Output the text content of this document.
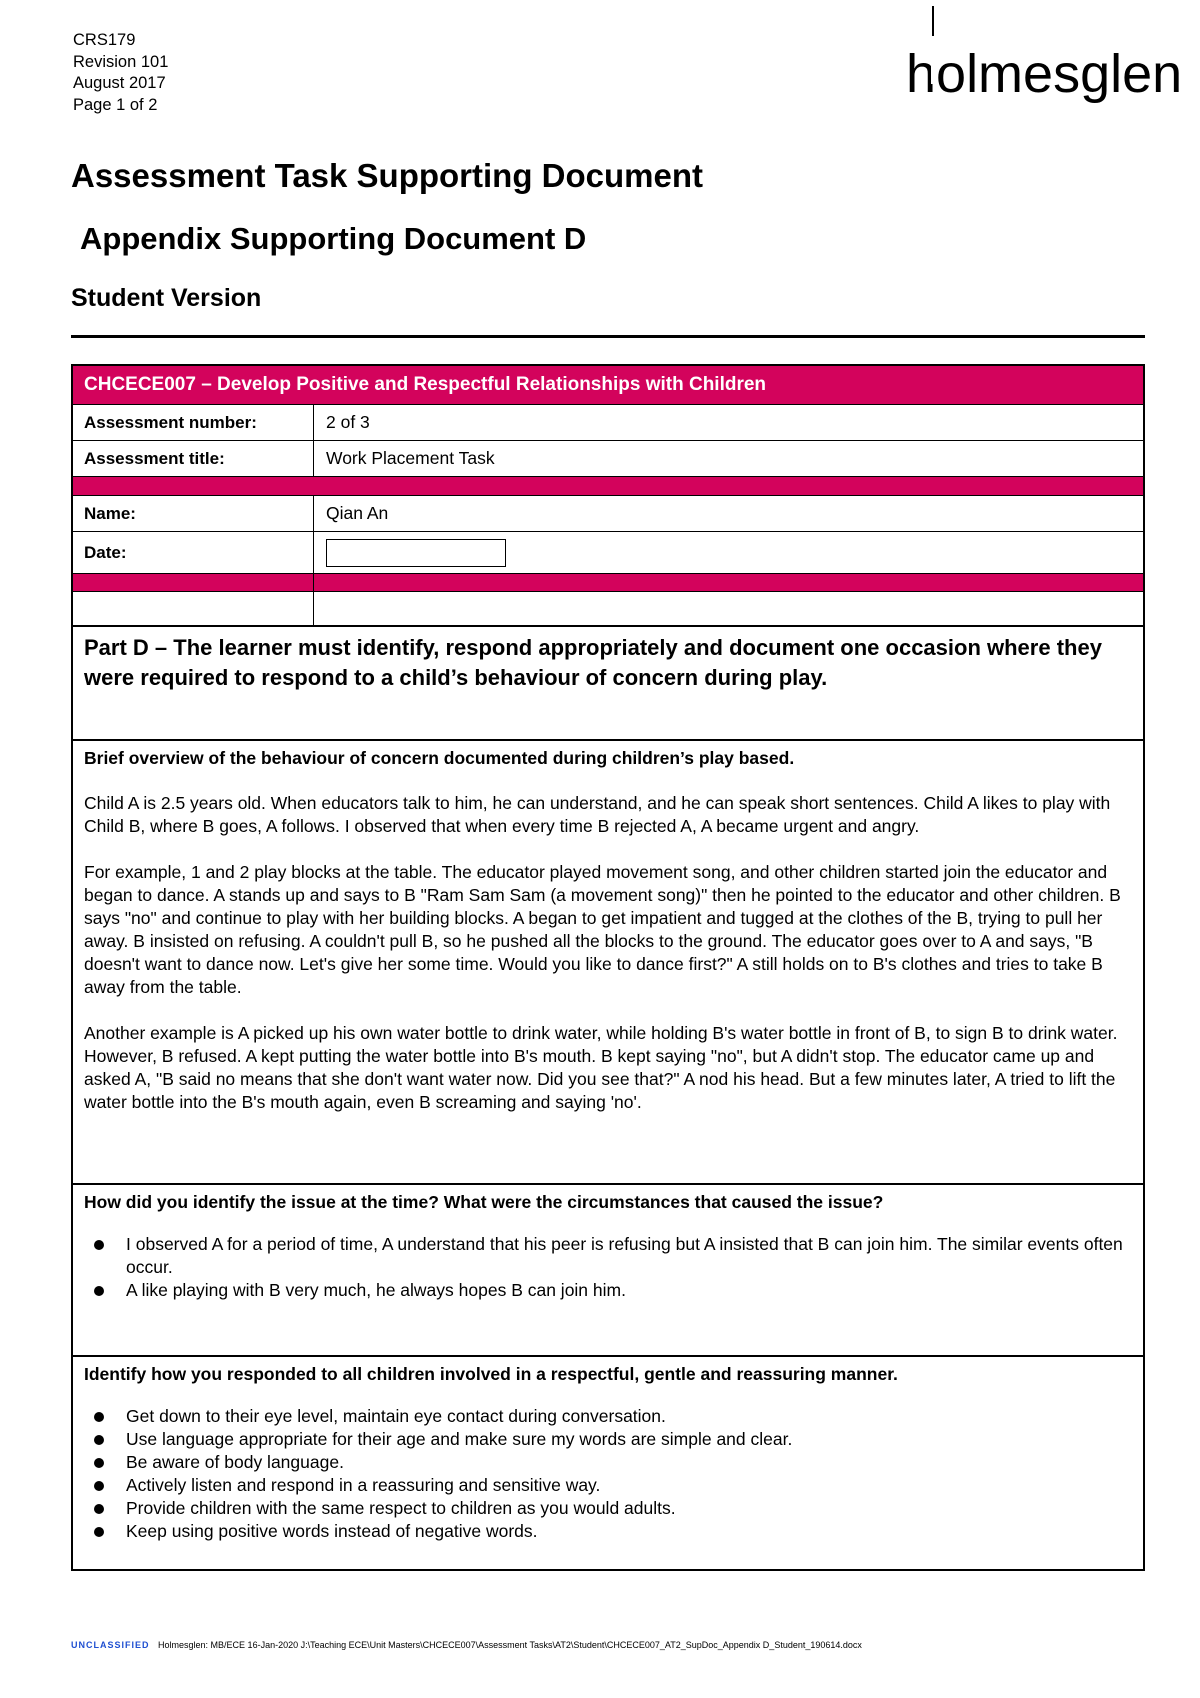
CRS179
Revision 101
August 2017
Page 1 of 2
holmesglen
Assessment Task Supporting Document
Appendix Supporting Document D
Student Version
CHCECE007 – Develop Positive and Respectful Relationships with Children
Assessment number:	2 of 3
Assessment title:	Work Placement Task
Name:	Qian An
Date:
Part D – The learner must identify, respond appropriately and document one occasion where they were required to respond to a child’s behaviour of concern during play.
Brief overview of the behaviour of concern documented during children’s play based.
Child A is 2.5 years old. When educators talk to him, he can understand, and he can speak short sentences. Child A likes to play with Child B, where B goes, A follows. I observed that when every time B rejected A, A became urgent and angry.
For example, 1 and 2 play blocks at the table. The educator played movement song, and other children started join the educator and began to dance. A stands up and says to B "Ram Sam Sam (a movement song)" then he pointed to the educator and other children. B says "no" and continue to play with her building blocks. A began to get impatient and tugged at the clothes of the B, trying to pull her away. B insisted on refusing. A couldn't pull B, so he pushed all the blocks to the ground. The educator goes over to A and says, "B doesn't want to dance now. Let's give her some time. Would you like to dance first?" A still holds on to B's clothes and tries to take B away from the table.
Another example is A picked up his own water bottle to drink water, while holding B's water bottle in front of B, to sign B to drink water. However, B refused. A kept putting the water bottle into B's mouth. B kept saying "no", but A didn't stop. The educator came up and asked A, "B said no means that she don't want water now. Did you see that?" A nod his head. But a few minutes later, A tried to lift the water bottle into the B's mouth again, even B screaming and saying 'no'.
How did you identify the issue at the time? What were the circumstances that caused the issue?
I observed A for a period of time, A understand that his peer is refusing but A insisted that B can join him. The similar events often occur.
A like playing with B very much, he always hopes B can join him.
Identify how you responded to all children involved in a respectful, gentle and reassuring manner.
Get down to their eye level, maintain eye contact during conversation.
Use language appropriate for their age and make sure my words are simple and clear.
Be aware of body language.
Actively listen and respond in a reassuring and sensitive way.
Provide children with the same respect to children as you would adults.
Keep using positive words instead of negative words.
UNCLASSIFIED Holmesglen: MB/ECE 16-Jan-2020 J:\Teaching ECE\Unit Masters\CHCECE007\Assessment Tasks\AT2\Student\CHCECE007_AT2_SupDoc_Appendix D_Student_190614.docx
